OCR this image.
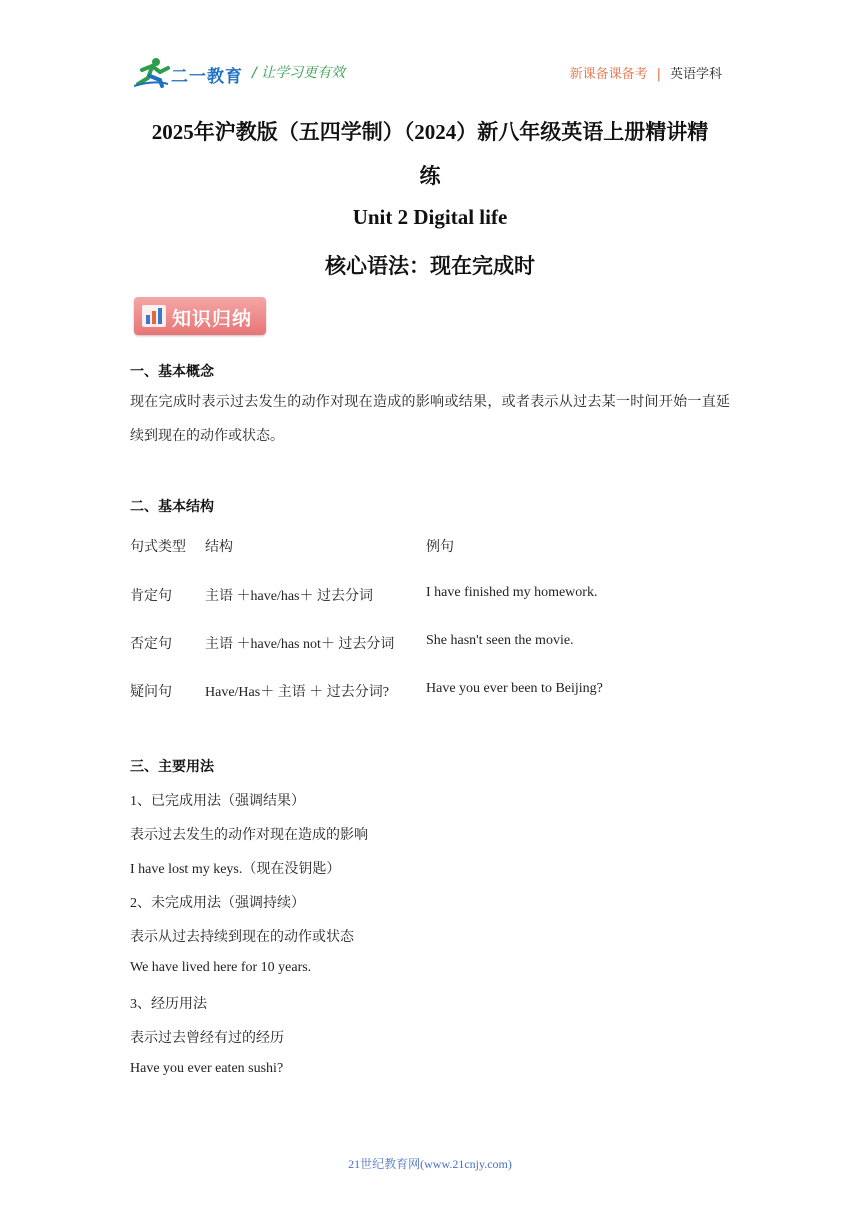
二一教育 / 让学习更有效	新课备课备考 | 英语学科
2025年沪教版（五四学制）（2024）新八年级英语上册精讲精
练
Unit 2 Digital life
核心语法：现在完成时
知识归纳
一、基本概念
现在完成时表示过去发生的动作对现在造成的影响或结果，或者表示从过去某一时间开始一直延续到现在的动作或状态。
二、基本结构
句式类型 结构	例句
肯定句 主语 ＋have/has＋ 过去分词	I have finished my homework.
否定句 主语 ＋have/has not＋ 过去分词 She hasn't seen the movie.
疑问句 Have/Has＋ 主语 ＋ 过去分词?	Have you ever been to Beijing?
三、主要用法
1、已完成用法（强调结果）
表示过去发生的动作对现在造成的影响
I have lost my keys.（现在没钥匙）
2、未完成用法（强调持续）
表示从过去持续到现在的动作或状态
We have lived here for 10 years.
3、经历用法
表示过去曾经有过的经历
Have you ever eaten sushi?
21世纪教育网(www.21cnjy.com)
